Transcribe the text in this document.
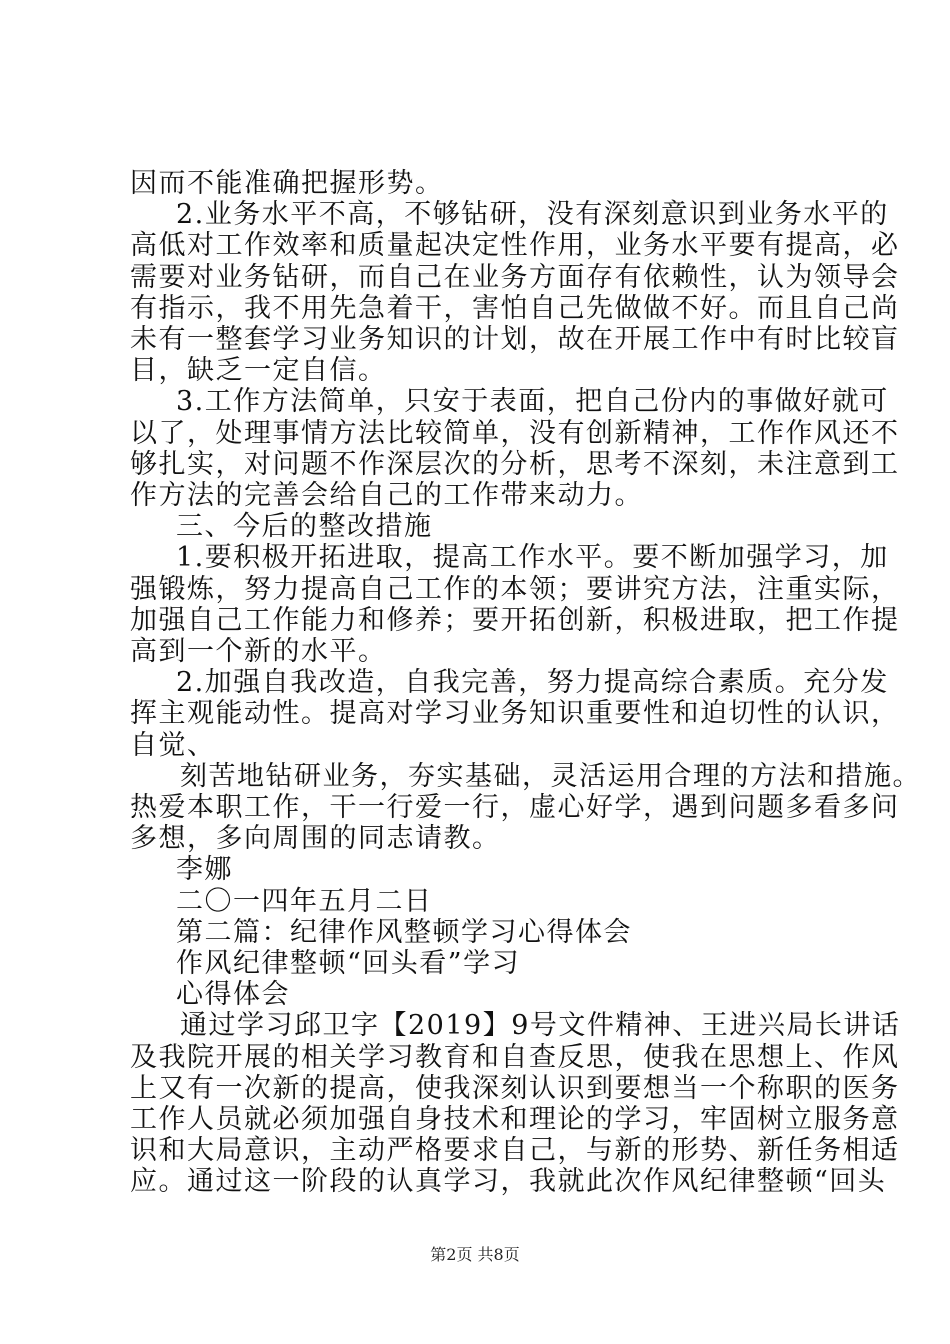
因而不能准确把握形势。
2.业务水平不高，不够钻研，没有深刻意识到业务水平的
高低对工作效率和质量起决定性作用，业务水平要有提高，必
需要对业务钻研，而自己在业务方面存有依赖性，认为领导会
有指示，我不用先急着干，害怕自己先做做不好。而且自己尚
未有一整套学习业务知识的计划，故在开展工作中有时比较盲
目，缺乏一定自信。
3.工作方法简单，只安于表面，把自己份内的事做好就可
以了，处理事情方法比较简单，没有创新精神，工作作风还不
够扎实，对问题不作深层次的分析，思考不深刻，未注意到工
作方法的完善会给自己的工作带来动力。
三、今后的整改措施
1.要积极开拓进取，提高工作水平。要不断加强学习，加
强锻炼，努力提高自己工作的本领；要讲究方法，注重实际，
加强自己工作能力和修养；要开拓创新，积极进取，把工作提
高到一个新的水平。
2.加强自我改造，自我完善，努力提高综合素质。充分发
挥主观能动性。提高对学习业务知识重要性和迫切性的认识，
自觉、
刻苦地钻研业务，夯实基础，灵活运用合理的方法和措施。
热爱本职工作，干一行爱一行，虚心好学，遇到问题多看多问
多想，多向周围的同志请教。
李娜
二〇一四年五月二日
第二篇：纪律作风整顿学习心得体会
作风纪律整顿“回头看”学习
心得体会
通过学习邱卫字【2019】9号文件精神、王进兴局长讲话
及我院开展的相关学习教育和自查反思，使我在思想上、作风
上又有一次新的提高，使我深刻认识到要想当一个称职的医务
工作人员就必须加强自身技术和理论的学习，牢固树立服务意
识和大局意识，主动严格要求自己，与新的形势、新任务相适
应。通过这一阶段的认真学习，我就此次作风纪律整顿“回头
第2页 共8页
